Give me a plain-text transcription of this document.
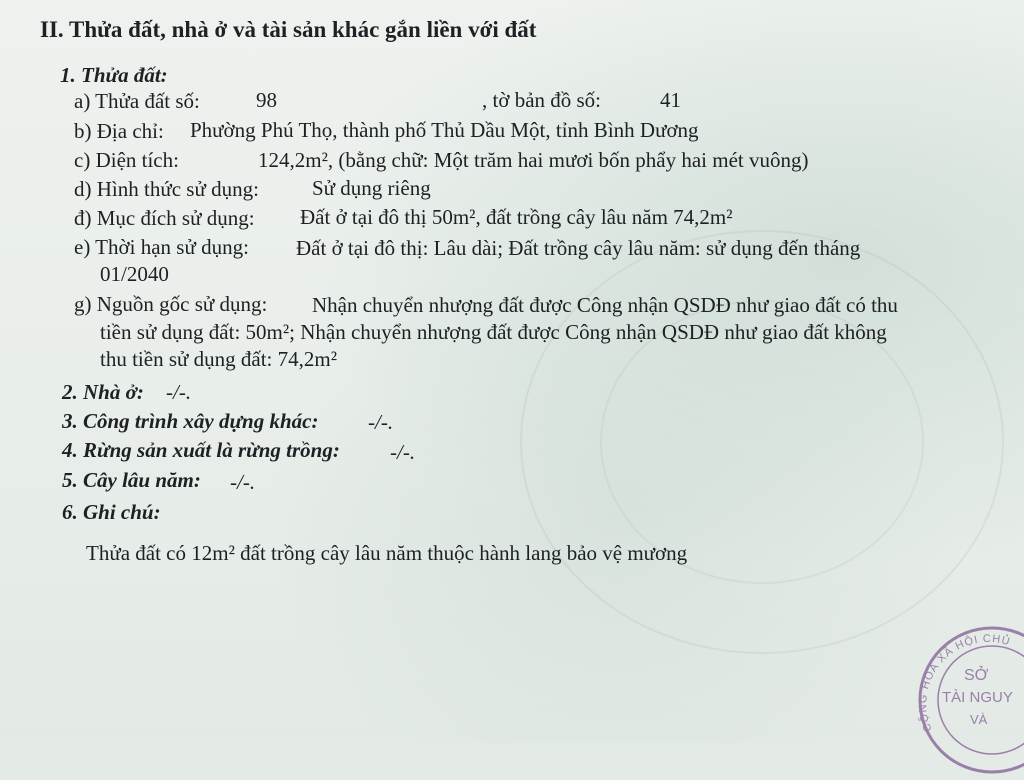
II. Thửa đất, nhà ở và tài sản khác gắn liền với đất
1. Thửa đất:
a) Thửa đất số:	98	, tờ bản đồ số:	41
b) Địa chỉ: Phường Phú Thọ, thành phố Thủ Dầu Một, tỉnh Bình Dương
c) Diện tích:	124,2m², (bằng chữ: Một trăm hai mươi bốn phẩy hai mét vuông)
d) Hình thức sử dụng:	Sử dụng riêng
đ) Mục đích sử dụng: Đất ở tại đô thị 50m², đất trồng cây lâu năm 74,2m²
e) Thời hạn sử dụng: Đất ở tại đô thị: Lâu dài; Đất trồng cây lâu năm: sử dụng đến tháng
01/2040
g) Nguồn gốc sử dụng: Nhận chuyển nhượng đất được Công nhận QSDĐ như giao đất có thu
tiền sử dụng đất: 50m²; Nhận chuyển nhượng đất được Công nhận QSDĐ như giao đất không
thu tiền sử dụng đất: 74,2m²
2. Nhà ở: -/-.
3. Công trình xây dựng khác: -/-.
4. Rừng sản xuất là rừng trồng: -/-.
5. Cây lâu năm: -/-.
6. Ghi chú:
Thửa đất có 12m² đất trồng cây lâu năm thuộc hành lang bảo vệ mương
CỘNG HÒA XÃ HỘI CHỦ
SỞ
TÀI NGUY
VÀ
